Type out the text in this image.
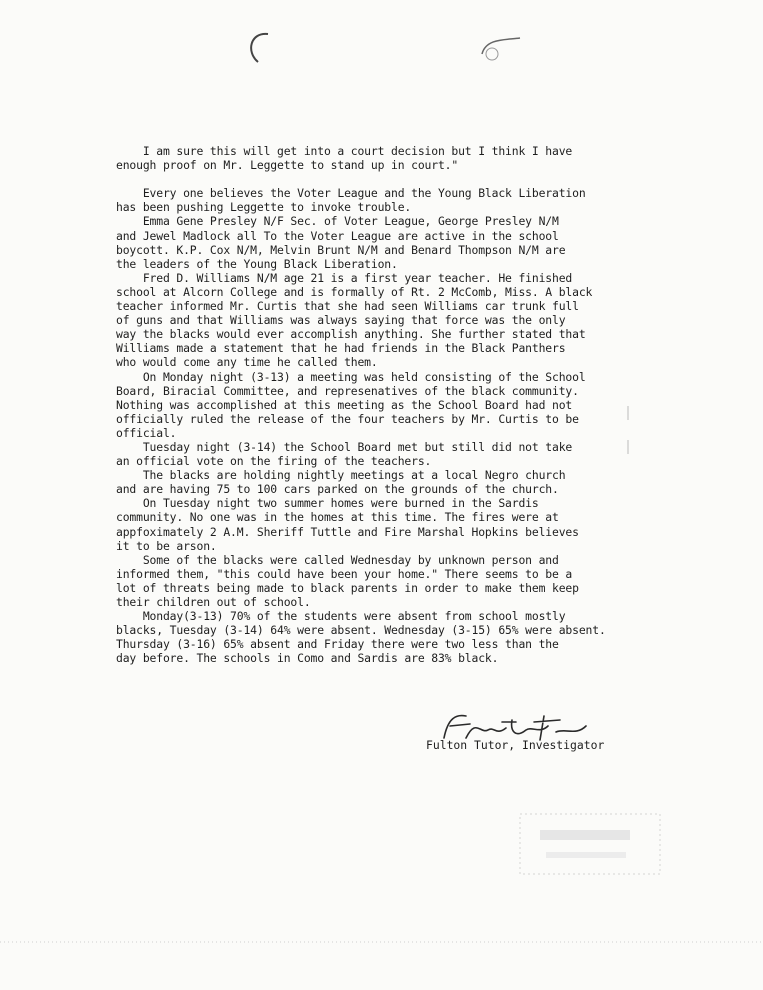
I am sure this will get into a court decision but I think I have
enough proof on Mr. Leggette to stand up in court."
Every one believes the Voter League and the Young Black Liberation
has been pushing Leggette to invoke trouble.
Emma Gene Presley N/F Sec. of Voter League, George Presley N/M
and Jewel Madlock all To the Voter League are active in the school
boycott. K.P. Cox N/M, Melvin Brunt N/M and Benard Thompson N/M are
the leaders of the Young Black Liberation.
Fred D. Williams N/M age 21 is a first year teacher. He finished
school at Alcorn College and is formally of Rt. 2 McComb, Miss. A black
teacher informed Mr. Curtis that she had seen Williams car trunk full
of guns and that Williams was always saying that force was the only
way the blacks would ever accomplish anything. She further stated that
Williams made a statement that he had friends in the Black Panthers
who would come any time he called them.
On Monday night (3-13) a meeting was held consisting of the School
Board, Biracial Committee, and represenatives of the black community.
Nothing was accomplished at this meeting as the School Board had not
officially ruled the release of the four teachers by Mr. Curtis to be
official.
Tuesday night (3-14) the School Board met but still did not take
an official vote on the firing of the teachers.
The blacks are holding nightly meetings at a local Negro church
and are having 75 to 100 cars parked on the grounds of the church.
On Tuesday night two summer homes were burned in the Sardis
community. No one was in the homes at this time. The fires were at
appfoximately 2 A.M. Sheriff Tuttle and Fire Marshal Hopkins believes
it to be arson.
Some of the blacks were called Wednesday by unknown person and
informed them, "this could have been your home." There seems to be a
lot of threats being made to black parents in order to make them keep
their children out of school.
Monday(3-13) 70% of the students were absent from school mostly
blacks, Tuesday (3-14) 64% were absent. Wednesday (3-15) 65% were absent.
Thursday (3-16) 65% absent and Friday there were two less than the
day before. The schools in Como and Sardis are 83% black.
Fulton Tutor, Investigator
